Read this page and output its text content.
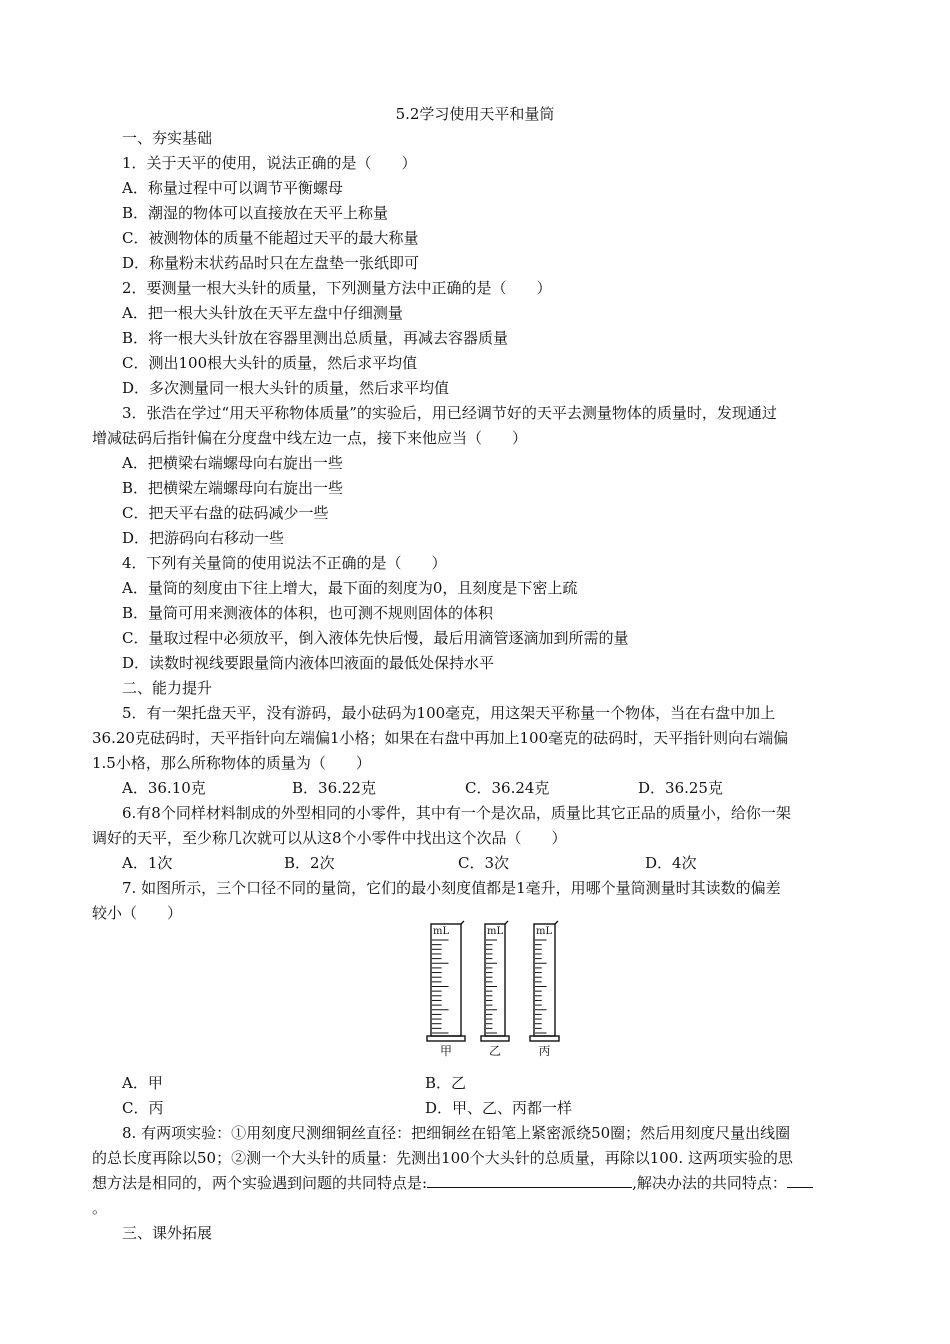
5.2学习使用天平和量筒
一、夯实基础
1．关于天平的使用，说法正确的是（　　）
A．称量过程中可以调节平衡螺母
B．潮湿的物体可以直接放在天平上称量
C．被测物体的质量不能超过天平的最大称量
D．称量粉末状药品时只在左盘垫一张纸即可
2．要测量一根大头针的质量，下列测量方法中正确的是（　　）
A．把一根大头针放在天平左盘中仔细测量
B．将一根大头针放在容器里测出总质量，再减去容器质量
C．测出100根大头针的质量，然后求平均值
D．多次测量同一根大头针的质量，然后求平均值
3．张浩在学过“用天平称物体质量”的实验后，用已经调节好的天平去测量物体的质量时，发现通过
增减砝码后指针偏在分度盘中线左边一点，接下来他应当（　　）
A．把横梁右端螺母向右旋出一些
B．把横梁左端螺母向右旋出一些
C．把天平右盘的砝码减少一些
D．把游码向右移动一些
4．下列有关量筒的使用说法不正确的是（　　）
A．量筒的刻度由下往上增大，最下面的刻度为0，且刻度是下密上疏
B．量筒可用来测液体的体积，也可测不规则固体的体积
C．量取过程中必须放平，倒入液体先快后慢，最后用滴管逐滴加到所需的量
D．读数时视线要跟量筒内液体凹液面的最低处保持水平
二、能力提升
5．有一架托盘天平，没有游码，最小砝码为100毫克，用这架天平称量一个物体，当在右盘中加上
36.20克砝码时，天平指针向左端偏1小格；如果在右盘中再加上100毫克的砝码时，天平指针则向右端偏
1.5小格，那么所称物体的质量为（　　）
A．36.10克	B．36.22克	C．36.24克	D．36.25克
6.有8个同样材料制成的外型相同的小零件，其中有一个是次品，质量比其它正品的质量小，给你一架
调好的天平，至少称几次就可以从这8个小零件中找出这个次品（　　）
A．1次	B．2次	C．3次	D．4次
7. 如图所示，三个口径不同的量筒，它们的最小刻度值都是1毫升，用哪个量筒测量时其读数的偏差
较小（　　）
mL
甲
mL
乙
mL
丙
A．甲	B．乙
C．丙	D．甲、乙、丙都一样
8. 有两项实验：①用刻度尺测细铜丝直径：把细铜丝在铅笔上紧密派绕50圈；然后用刻度尺量出线圈
的总长度再除以50；②测一个大头针的质量：先测出100个大头针的总质量，再除以100. 这两项实验的思
想方法是相同的，两个实验遇到问题的共同特点是:	,解决办法的共同特点：
。
三、课外拓展
